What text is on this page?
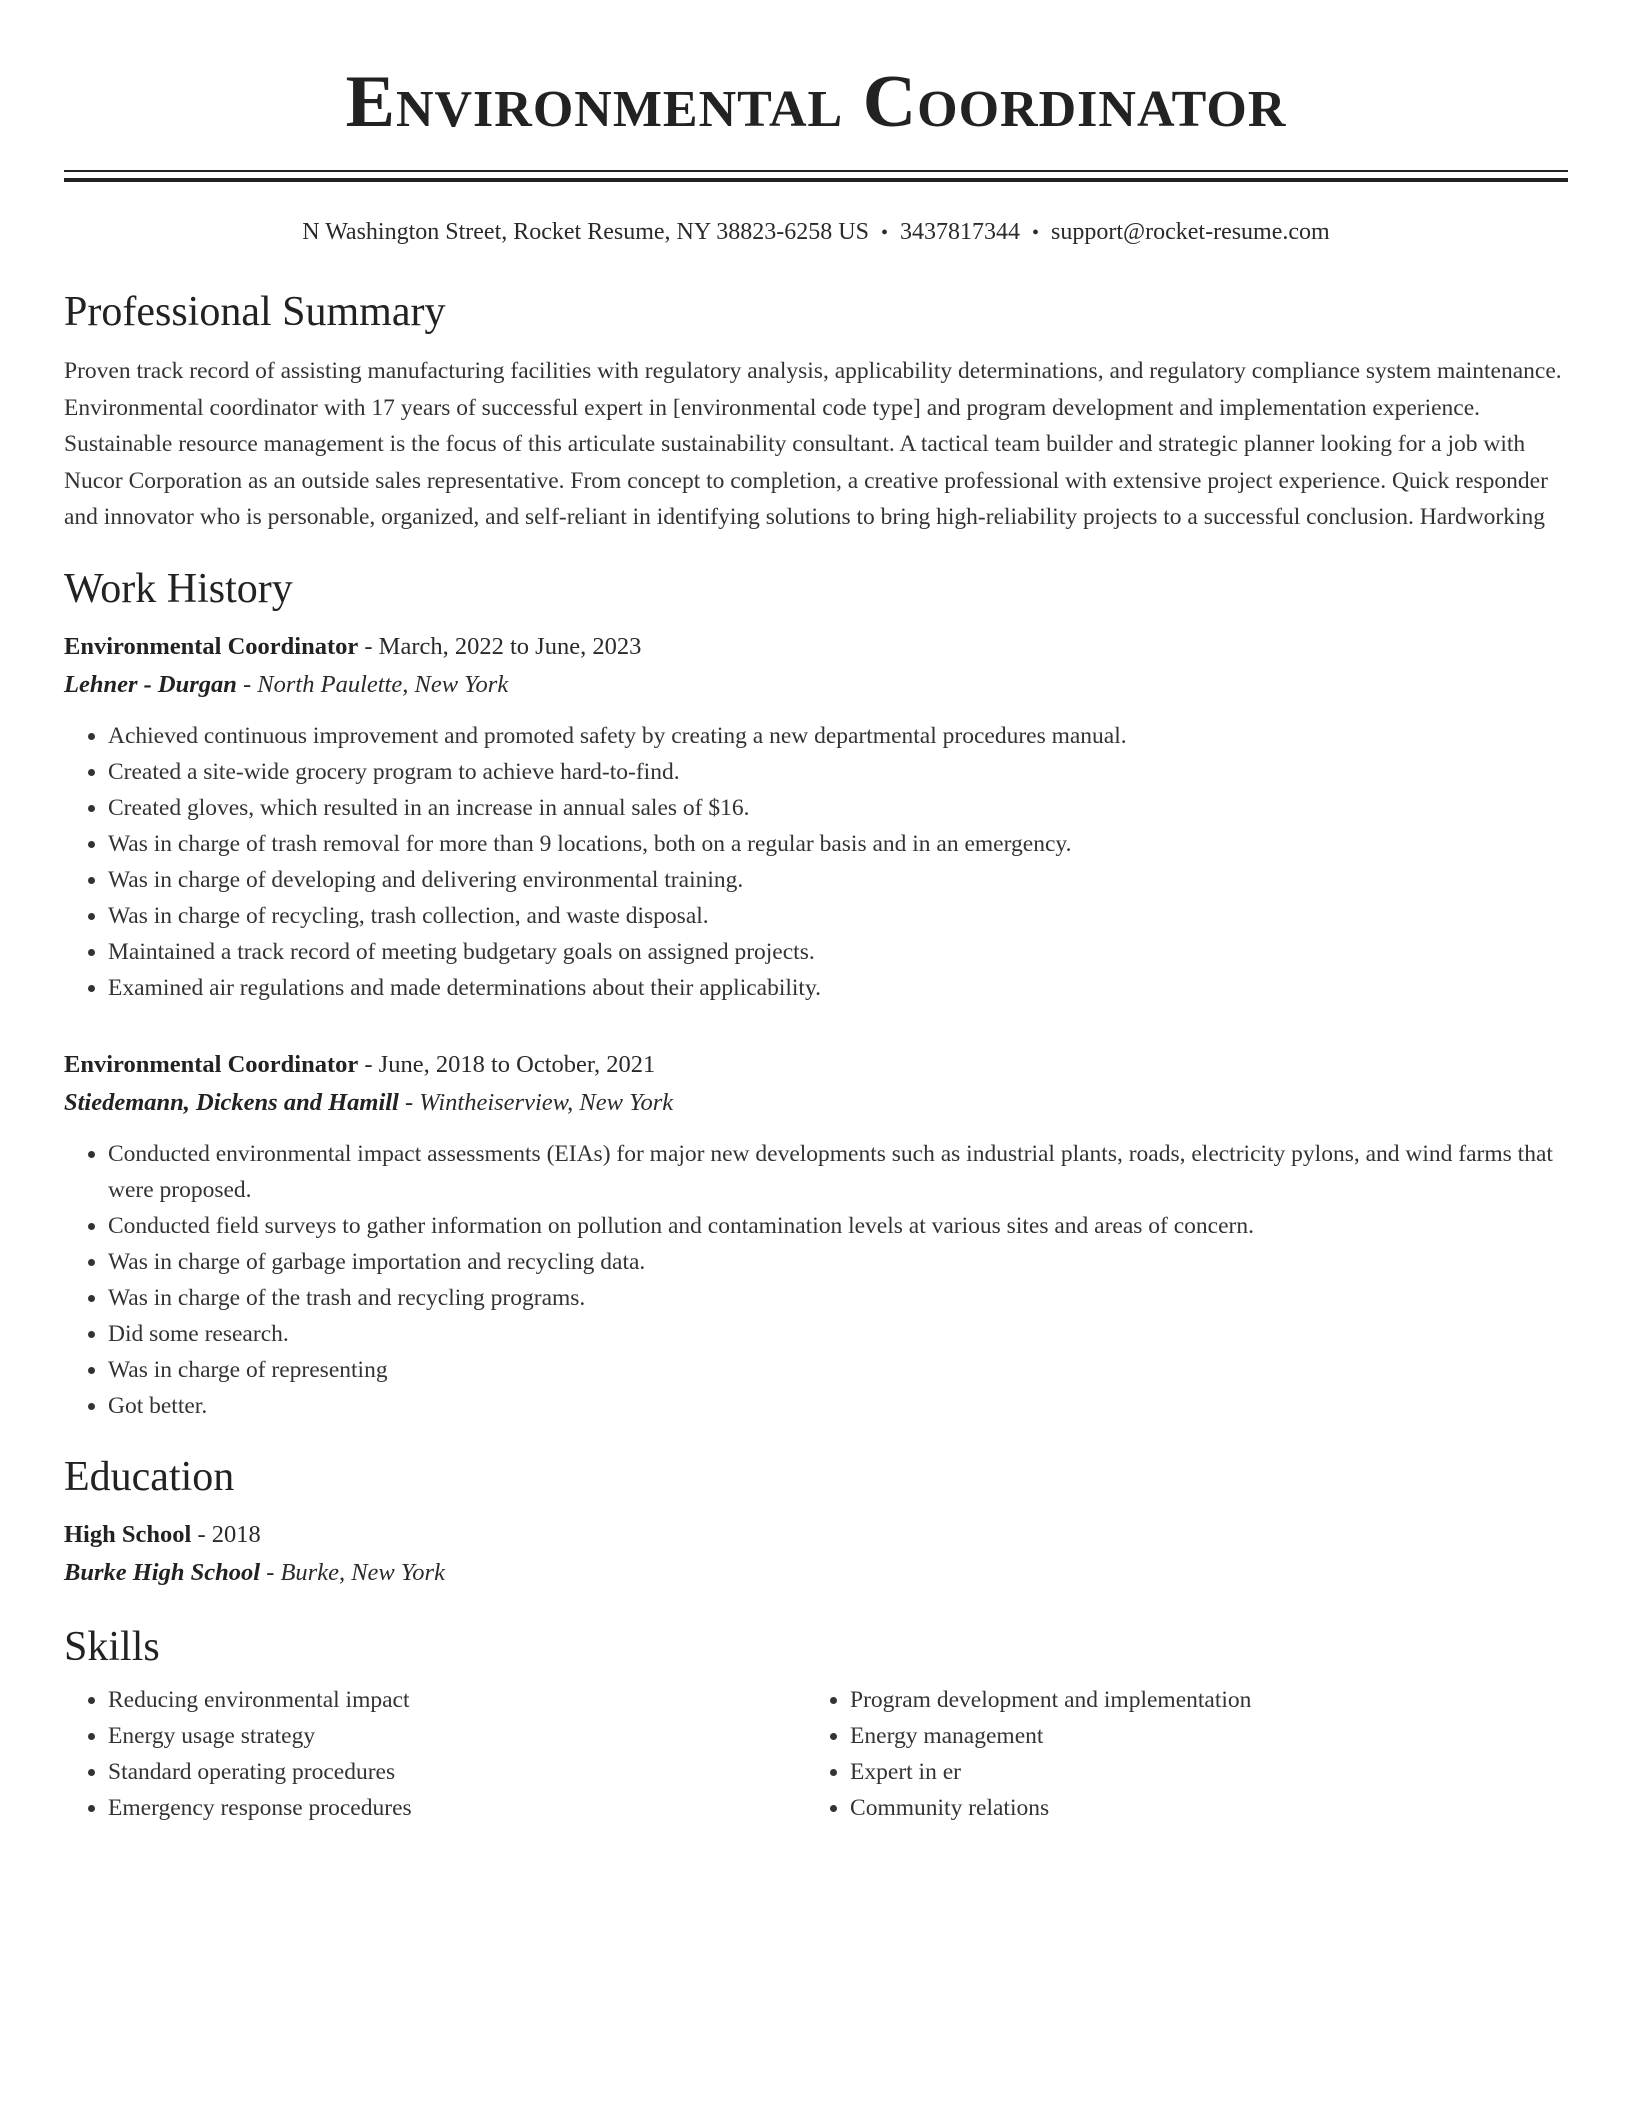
Environmental Coordinator
N Washington Street, Rocket Resume, NY 38823-6258 US • 3437817344 • support@rocket-resume.com
Professional Summary
Proven track record of assisting manufacturing facilities with regulatory analysis, applicability determinations, and regulatory compliance system maintenance. Environmental coordinator with 17 years of successful expert in [environmental code type] and program development and implementation experience. Sustainable resource management is the focus of this articulate sustainability consultant. A tactical team builder and strategic planner looking for a job with Nucor Corporation as an outside sales representative. From concept to completion, a creative professional with extensive project experience. Quick responder and innovator who is personable, organized, and self-reliant in identifying solutions to bring high-reliability projects to a successful conclusion. Hardworking
Work History
Environmental Coordinator - March, 2022 to June, 2023
Lehner - Durgan - North Paulette, New York
• Achieved continuous improvement and promoted safety by creating a new departmental procedures manual.
• Created a site-wide grocery program to achieve hard-to-find.
• Created gloves, which resulted in an increase in annual sales of $16.
• Was in charge of trash removal for more than 9 locations, both on a regular basis and in an emergency.
• Was in charge of developing and delivering environmental training.
• Was in charge of recycling, trash collection, and waste disposal.
• Maintained a track record of meeting budgetary goals on assigned projects.
• Examined air regulations and made determinations about their applicability.
Environmental Coordinator - June, 2018 to October, 2021
Stiedemann, Dickens and Hamill - Wintheiserview, New York
• Conducted environmental impact assessments (EIAs) for major new developments such as industrial plants, roads, electricity pylons, and wind farms that were proposed.
• Conducted field surveys to gather information on pollution and contamination levels at various sites and areas of concern.
• Was in charge of garbage importation and recycling data.
• Was in charge of the trash and recycling programs.
• Did some research.
• Was in charge of representing
• Got better.
Education
High School - 2018
Burke High School - Burke, New York
Skills
• Reducing environmental impact
• Energy usage strategy
• Standard operating procedures
• Emergency response procedures
• Program development and implementation
• Energy management
• Expert in er
• Community relations
